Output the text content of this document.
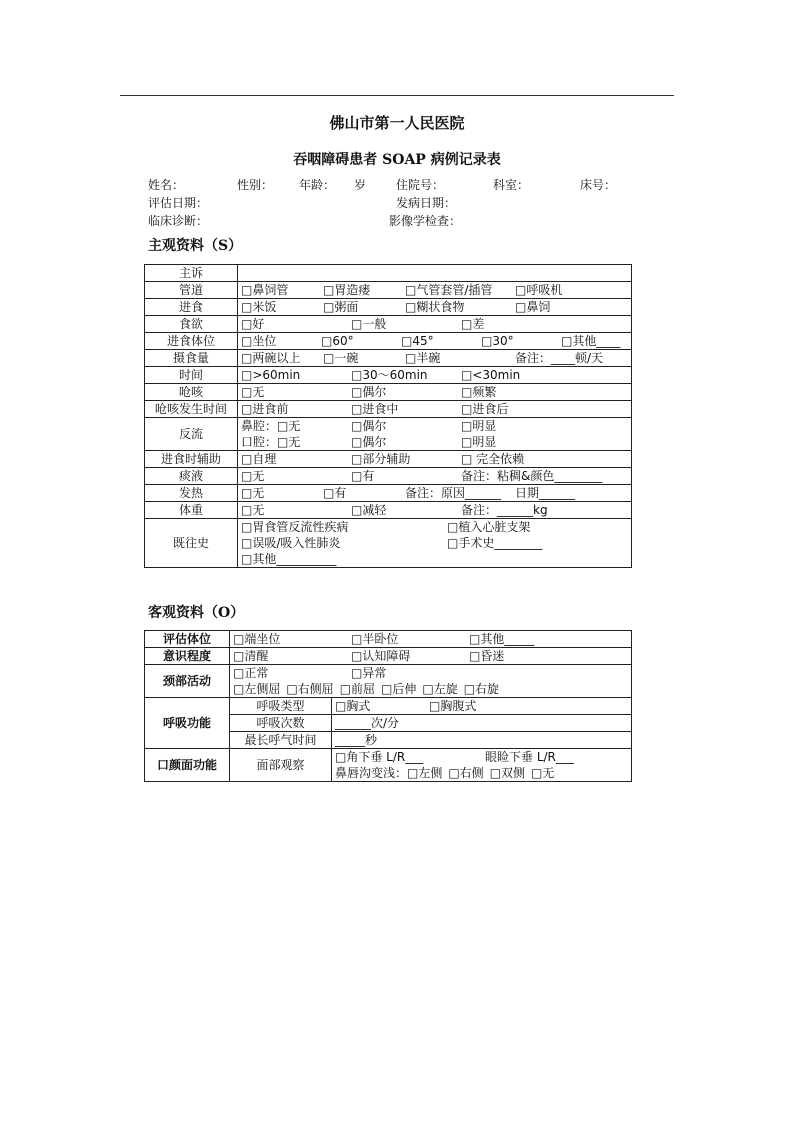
佛山市第一人民医院
吞咽障碍患者 SOAP 病例记录表
姓名：	性别： 年龄： 岁 住院号：	科室：	床号：
评估日期：	发病日期：
临床诊断：	影像学检查：
主观资料（S）
主诉	

管道	□鼻饲管 □胃造瘘 □气管套管/插管 □呼吸机

进食	□米饭 □粥面 □糊状食物 □鼻饲

食欲	□好 □一般 □差

进食体位	□坐位 □60° □45° □30° □其他____

摄食量	□两碗以上 □一碗 □半碗 备注：____顿/天

时间	□>60min □30～60min □<30min

呛咳	□无 □偶尔 □频繁

呛咳发生时间	□进食前 □进食中 □进食后

反流	鼻腔：□无 □偶尔 □明显
口腔：□无 □偶尔 □明显

进食时辅助	□自理 □部分辅助 □ 完全依赖

痰液	□无 □有 备注：粘稠&颜色________

发热	□无 □有 备注：原因______ 日期______

体重	□无 □减轻 备注：______kg

既往史	□胃食管反流性疾病 □植入心脏支架
□误吸/吸入性肺炎 □手术史________
□其他__________
客观资料（O）
评估体位	□端坐位 □半卧位 □其他_____	
意识程度	□清醒 □认知障碍 □昏迷	
颈部活动	□正常 □异常
□左侧屈 □右侧屈 □前屈 □后伸 □左旋 □右旋	

呼吸功能	呼吸类型	□胸式 □胸腹式
	呼吸次数	______次/分
	最长呼气时间	_____秒
口颜面功能	面部观察	□角下垂 L/R___ 眼睑下垂 L/R___
鼻唇沟变浅：□左侧 □右侧 □双侧 □无
